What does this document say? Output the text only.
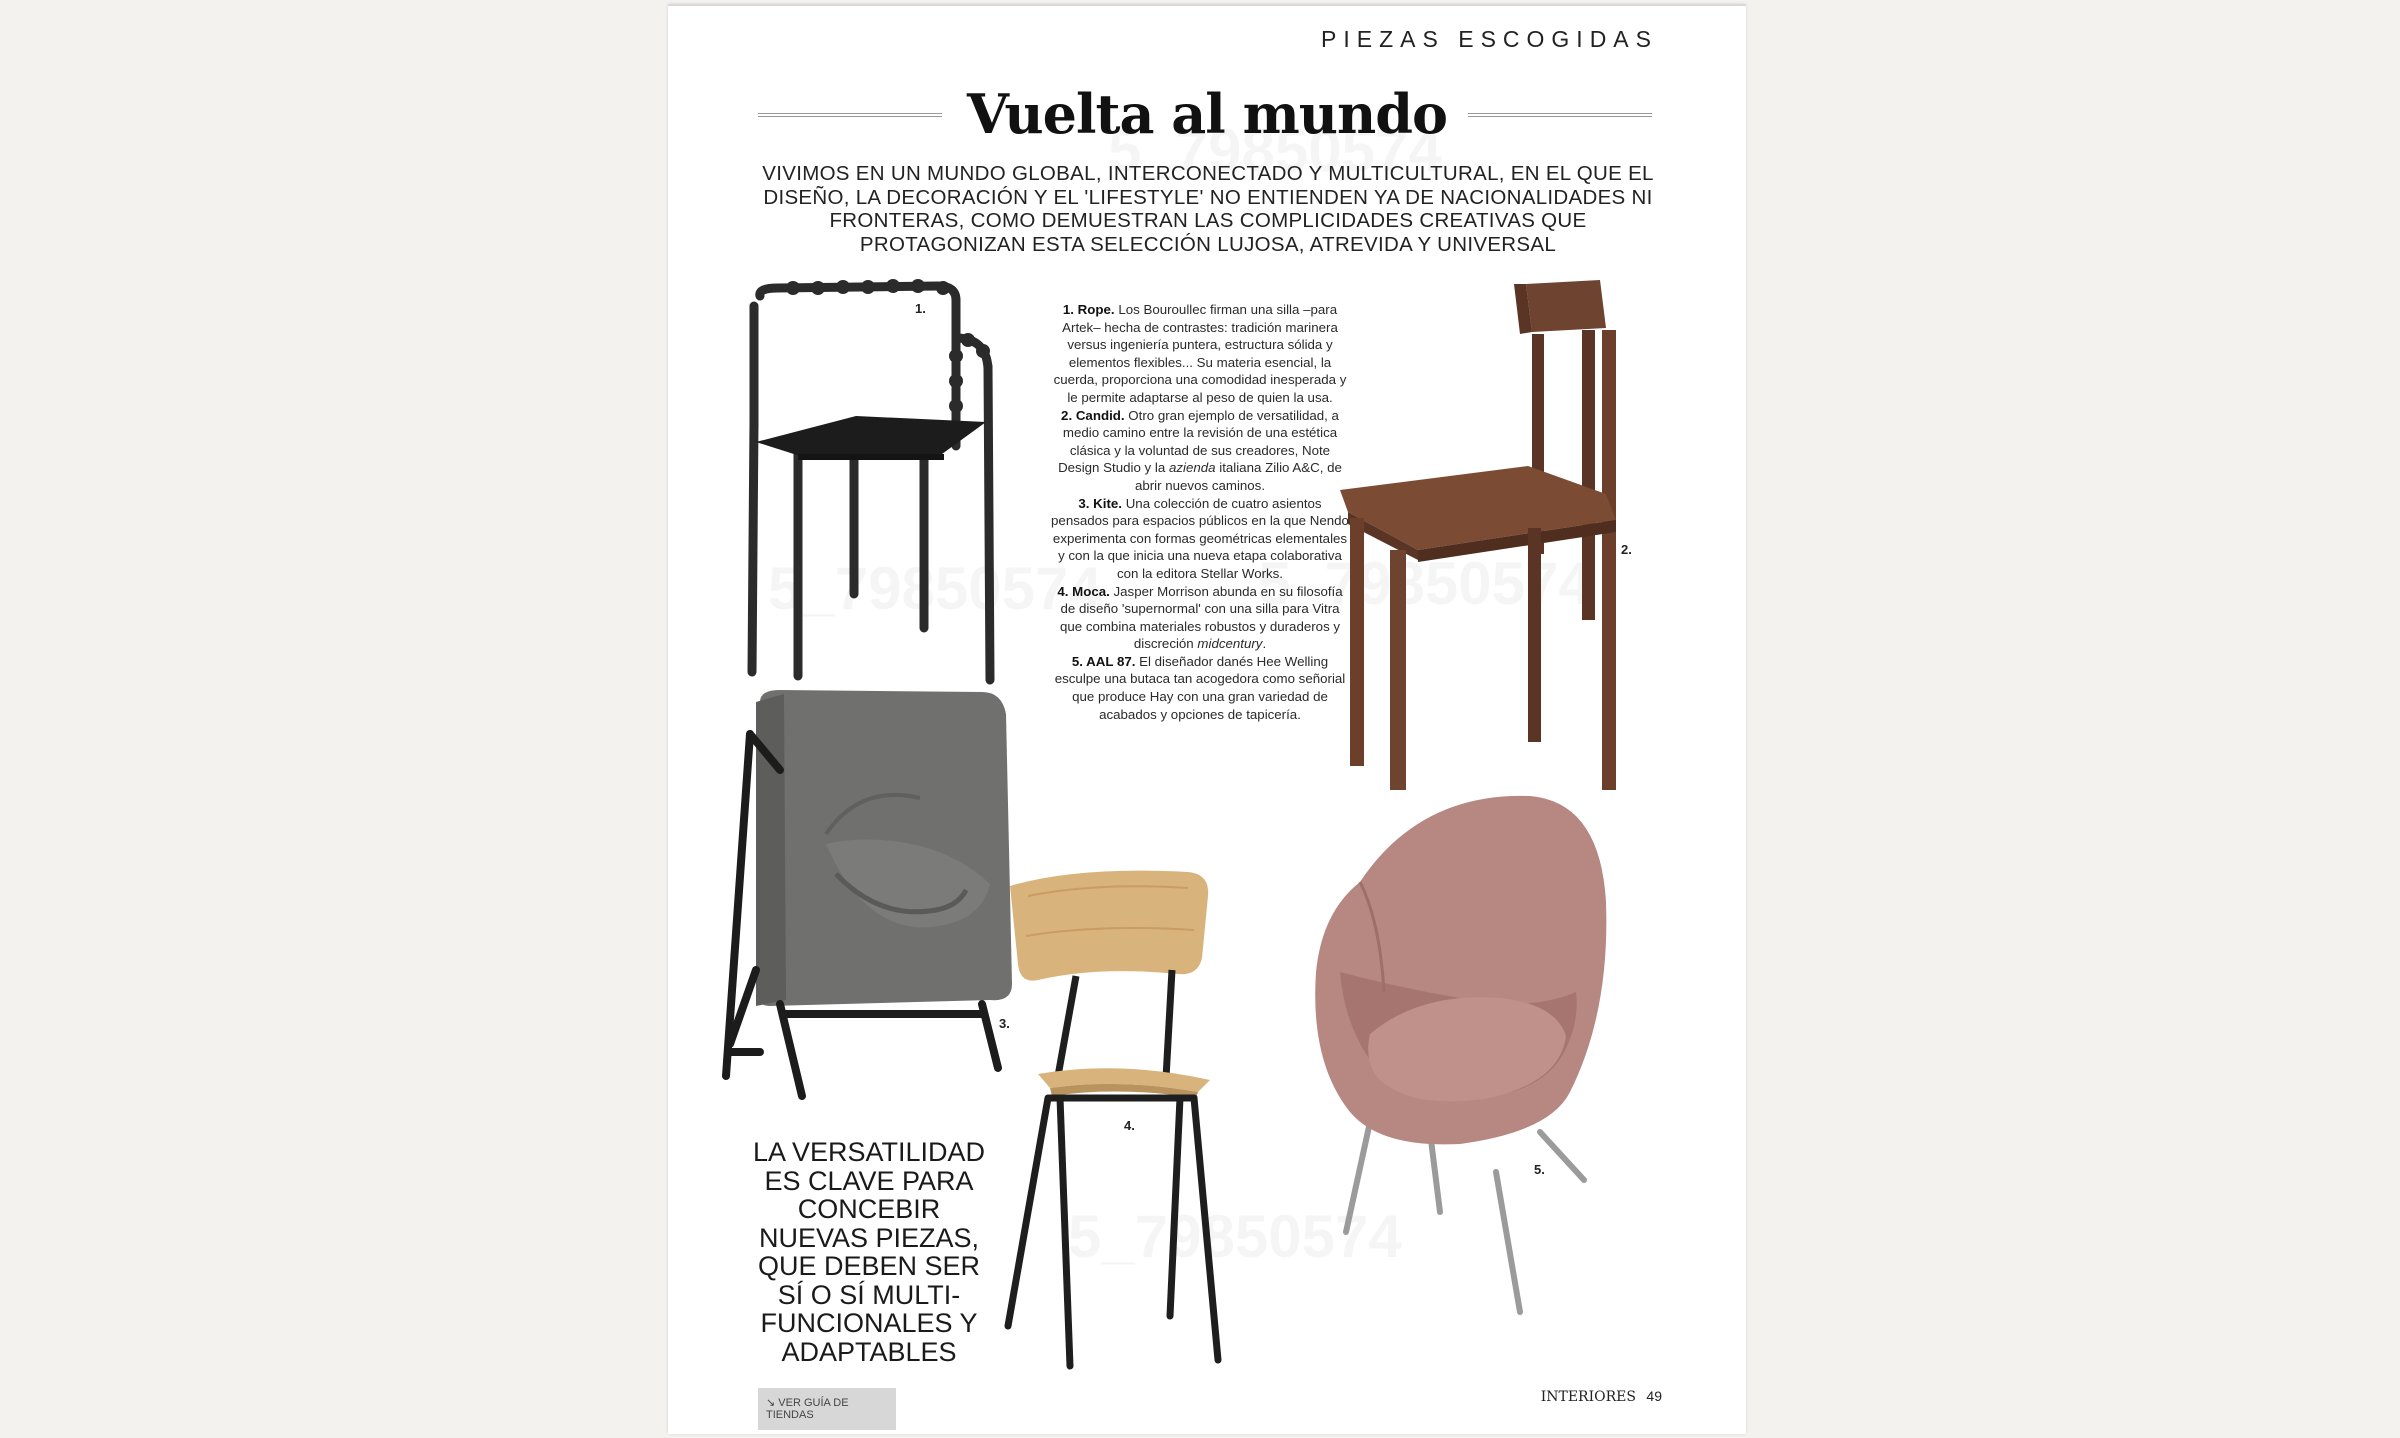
PIEZAS ESCOGIDAS
Vuelta al mundo
VIVIMOS EN UN MUNDO GLOBAL, INTERCONECTADO Y MULTICULTURAL, EN EL QUE EL DISEÑO, LA DECORACIÓN Y EL 'LIFESTYLE' NO ENTIENDEN YA DE NACIONALIDADES NI FRONTERAS, COMO DEMUESTRAN LAS COMPLICIDADES CREATIVAS QUE PROTAGONIZAN ESTA SELECCIÓN LUJOSA, ATREVIDA Y UNIVERSAL
1.
2.

1. Rope. Los Bouroullec firman una silla –para Artek– hecha de contrastes: tradición marinera versus ingeniería puntera, estructura sólida y elementos flexibles... Su materia esencial, la cuerda, proporciona una comodidad inesperada y le permite adaptarse al peso de quien la usa.

2. Candid. Otro gran ejemplo de versatilidad, a medio camino entre la revisión de una estética clásica y la voluntad de sus creadores, Note Design Studio y la azienda italiana Zilio A&C, de abrir nuevos caminos.

3. Kite. Una colección de cuatro asientos pensados para espacios públicos en la que Nendo experimenta con formas geométricas elementales y con la que inicia una nueva etapa colaborativa con la editora Stellar Works.

4. Moca. Jasper Morrison abunda en su filosofía de diseño 'supernormal' con una silla para Vitra que combina materiales robustos y duraderos y discreción midcentury.

5. AAL 87. El diseñador danés Hee Welling esculpe una butaca tan acogedora como señorial que produce Hay con una gran variedad de acabados y opciones de tapicería.

3.
4.
5.
LA VERSATILIDAD ES CLAVE PARA CONCEBIR NUEVAS PIEZAS, QUE DEBEN SER SÍ O SÍ MULTI-FUNCIONALES Y ADAPTABLES
↘ VER GUÍA DE TIENDAS
INTERIORES 49
